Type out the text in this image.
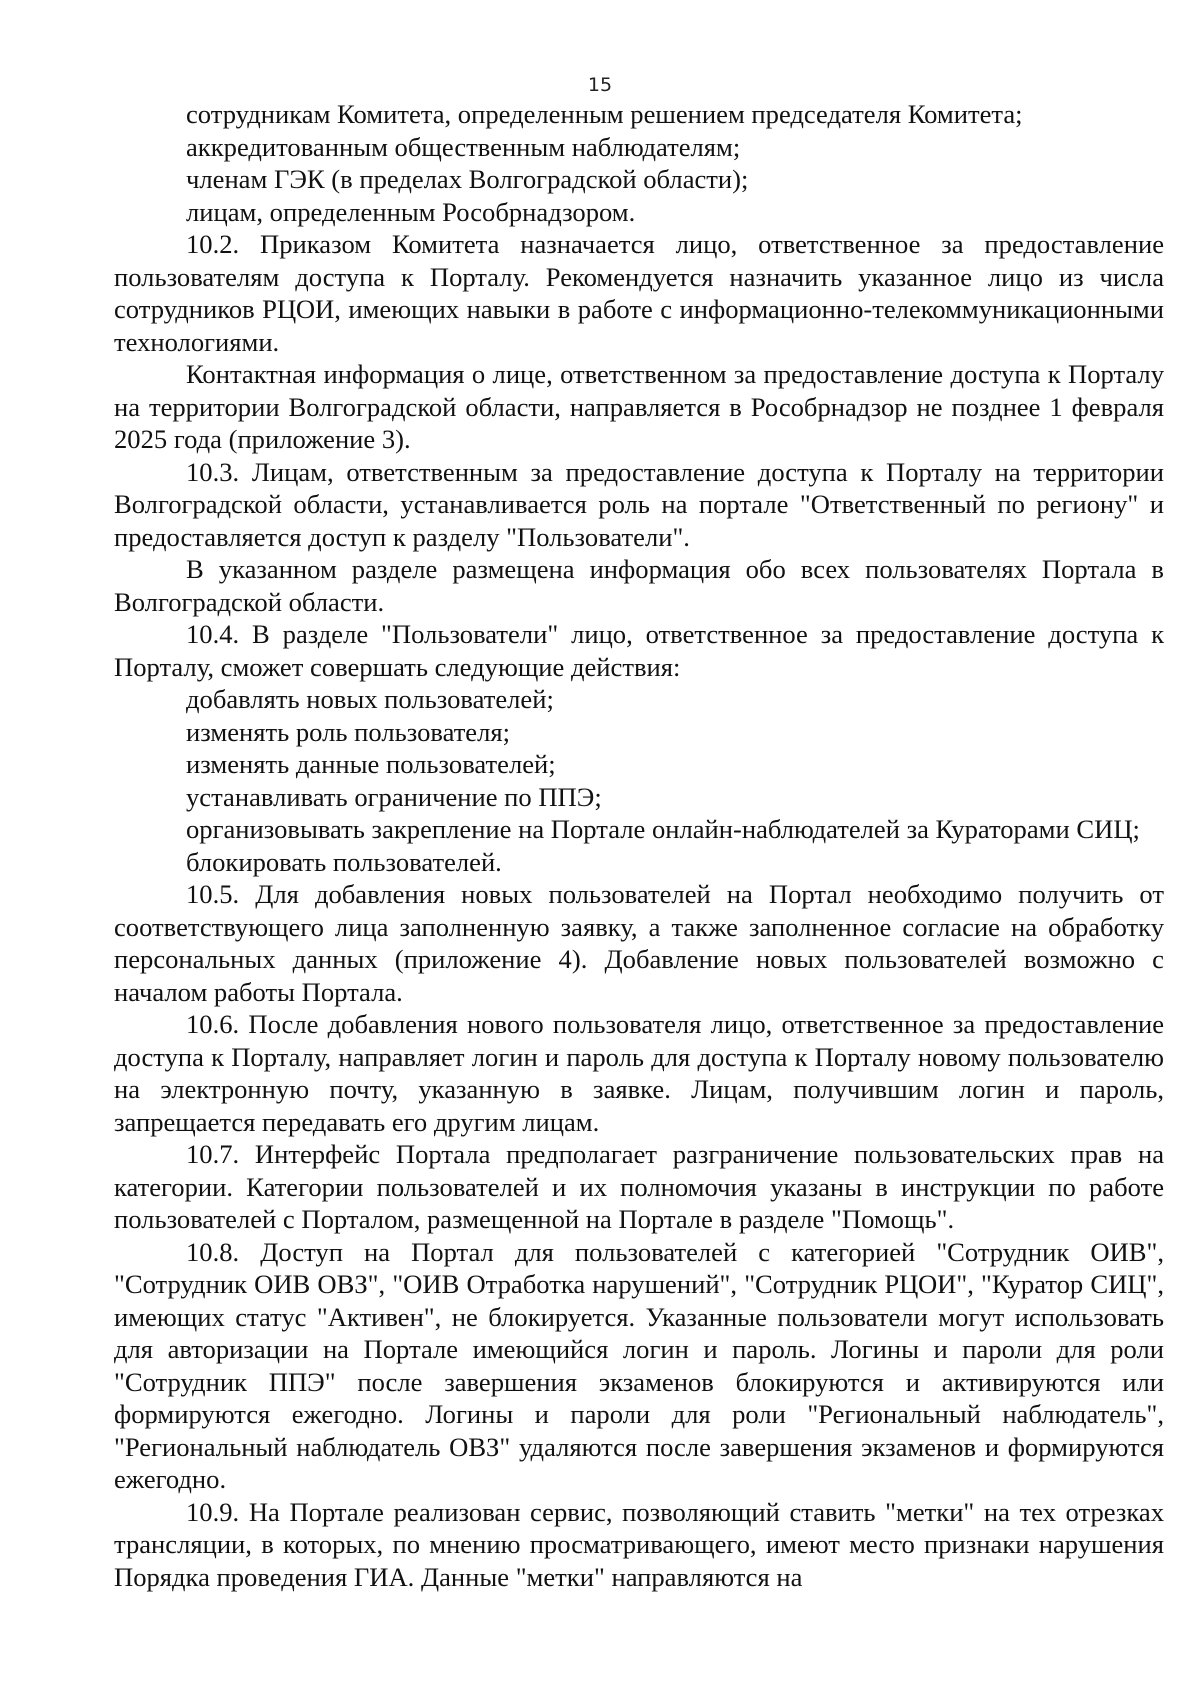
15

сотрудникам Комитета, определенным решением председателя Комитета;

аккредитованным общественным наблюдателям;

членам ГЭК (в пределах Волгоградской области);

лицам, определенным Рособрнадзором.

10.2. Приказом Комитета назначается лицо, ответственное за предоставление пользователям доступа к Порталу. Рекомендуется назначить указанное лицо из числа сотрудников РЦОИ, имеющих навыки в работе с информационно-телекоммуникационными технологиями.

Контактная информация о лице, ответственном за предоставление доступа к Порталу на территории Волгоградской области, направляется в Рособрнадзор не позднее 1 февраля 2025 года (приложение 3).

10.3. Лицам, ответственным за предоставление доступа к Порталу на территории Волгоградской области, устанавливается роль на портале "Ответственный по региону" и предоставляется доступ к разделу "Пользователи".

В указанном разделе размещена информация обо всех пользователях Портала в Волгоградской области.

10.4. В разделе "Пользователи" лицо, ответственное за предоставление доступа к Порталу, сможет совершать следующие действия:

добавлять новых пользователей;

изменять роль пользователя;

изменять данные пользователей;

устанавливать ограничение по ППЭ;

организовывать закрепление на Портале онлайн-наблюдателей за Кураторами СИЦ;

блокировать пользователей.

10.5. Для добавления новых пользователей на Портал необходимо получить от соответствующего лица заполненную заявку, а также заполненное согласие на обработку персональных данных (приложение 4). Добавление новых пользователей возможно с началом работы Портала.

10.6. После добавления нового пользователя лицо, ответственное за предоставление доступа к Порталу, направляет логин и пароль для доступа к Порталу новому пользователю на электронную почту, указанную в заявке. Лицам, получившим логин и пароль, запрещается передавать его другим лицам.

10.7. Интерфейс Портала предполагает разграничение пользовательских прав на категории. Категории пользователей и их полномочия указаны в инструкции по работе пользователей с Порталом, размещенной на Портале в разделе "Помощь".

10.8. Доступ на Портал для пользователей с категорией "Сотрудник ОИВ", "Сотрудник ОИВ ОВЗ", "ОИВ Отработка нарушений", "Сотрудник РЦОИ", "Куратор СИЦ", имеющих статус "Активен", не блокируется. Указанные пользователи могут использовать для авторизации на Портале имеющийся логин и пароль. Логины и пароли для роли "Сотрудник ППЭ" после завершения экзаменов блокируются и активируются или формируются ежегодно. Логины и пароли для роли "Региональный наблюдатель", "Региональный наблюдатель ОВЗ" удаляются после завершения экзаменов и формируются ежегодно.

10.9. На Портале реализован сервис, позволяющий ставить "метки" на тех отрезках трансляции, в которых, по мнению просматривающего, имеют место признаки нарушения Порядка проведения ГИА. Данные "метки" направляются на
